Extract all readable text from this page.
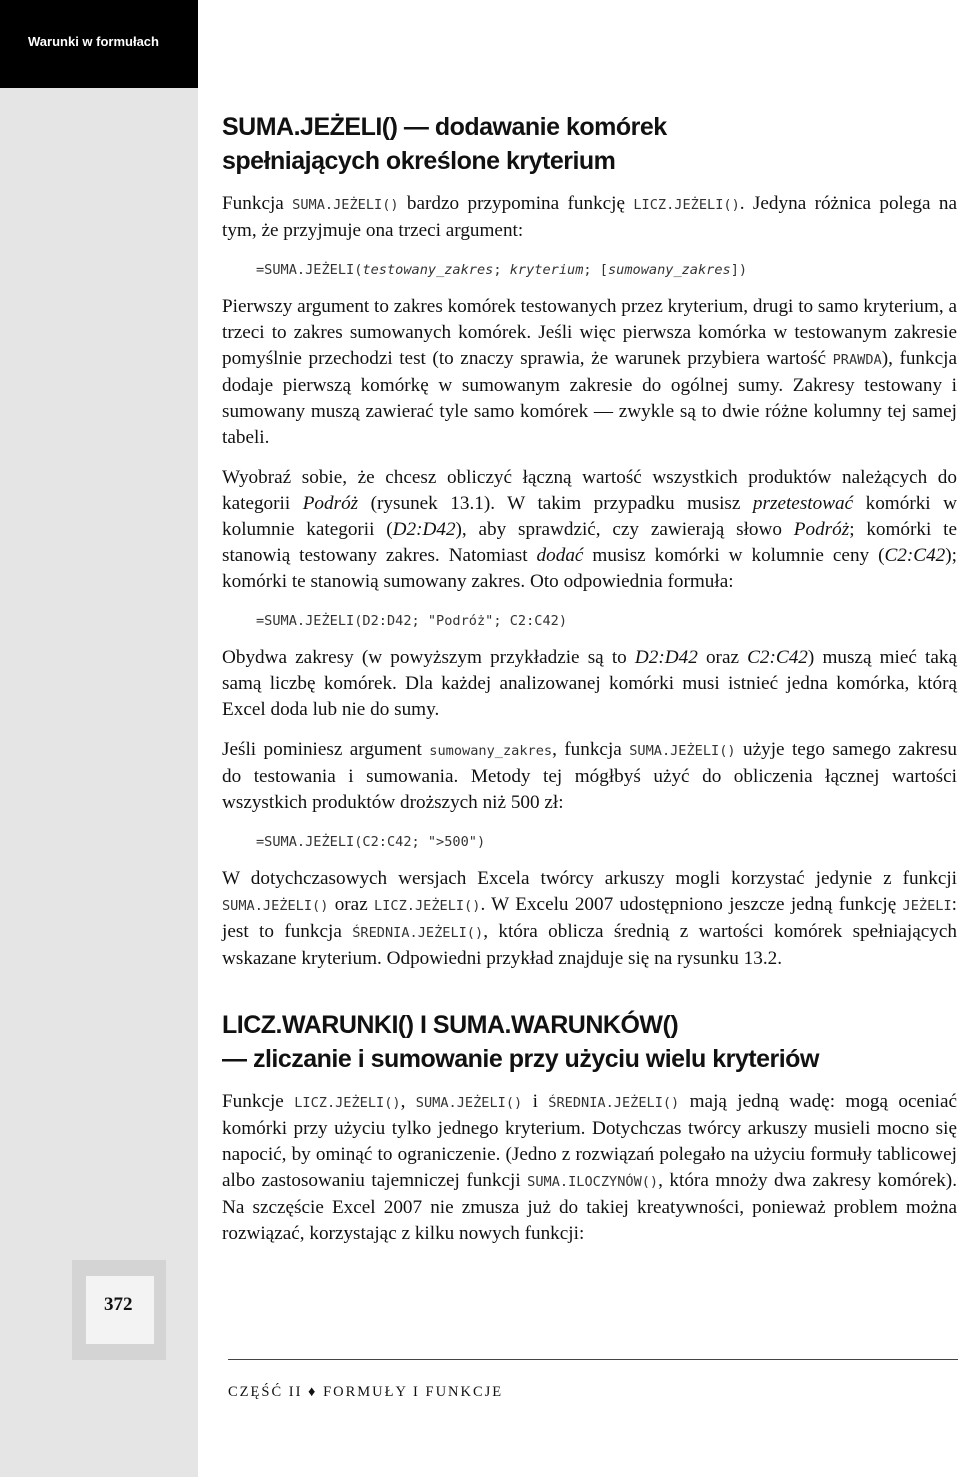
Warunki w formułach
372
SUMA.JEŻELI() — dodawanie komórek
spełniających określone kryterium
Funkcja SUMA.JEŻELI() bardzo przypomina funkcję LICZ.JEŻELI(). Jedyna różnica polega na tym, że przyjmuje ona trzeci argument:
=SUMA.JEŻELI(testowany_zakres; kryterium; [sumowany_zakres])
Pierwszy argument to zakres komórek testowanych przez kryterium, drugi to samo kryterium, a trzeci to zakres sumowanych komórek. Jeśli więc pierwsza komórka w testowanym zakresie pomyślnie przechodzi test (to znaczy sprawia, że warunek przybiera wartość PRAWDA), funkcja dodaje pierwszą komórkę w sumowanym zakresie do ogólnej sumy. Zakresy testowany i sumowany muszą zawierać tyle samo komórek — zwykle są to dwie różne kolumny tej samej tabeli.
Wyobraź sobie, że chcesz obliczyć łączną wartość wszystkich produktów należących do kategorii Podróż (rysunek 13.1). W takim przypadku musisz przetestować komórki w kolumnie kategorii (D2:D42), aby sprawdzić, czy zawierają słowo Podróż; komórki te stanowią testowany zakres. Natomiast dodać musisz komórki w kolumnie ceny (C2:C42); komórki te stanowią sumowany zakres. Oto odpowiednia formuła:
=SUMA.JEŻELI(D2:D42; "Podróż"; C2:C42)
Obydwa zakresy (w powyższym przykładzie są to D2:D42 oraz C2:C42) muszą mieć taką samą liczbę komórek. Dla każdej analizowanej komórki musi istnieć jedna komórka, którą Excel doda lub nie do sumy.
Jeśli pominiesz argument sumowany_zakres, funkcja SUMA.JEŻELI() użyje tego samego zakresu do testowania i sumowania. Metody tej mógłbyś użyć do obliczenia łącznej wartości wszystkich produktów droższych niż 500 zł:
=SUMA.JEŻELI(C2:C42; ">500")
W dotychczasowych wersjach Excela twórcy arkuszy mogli korzystać jedynie z funkcji SUMA.JEŻELI() oraz LICZ.JEŻELI(). W Excelu 2007 udostępniono jeszcze jedną funkcję JEŻELI: jest to funkcja ŚREDNIA.JEŻELI(), która oblicza średnią z wartości komórek spełniających wskazane kryterium. Odpowiedni przykład znajduje się na rysunku 13.2.
LICZ.WARUNKI() I SUMA.WARUNKÓW()
— zliczanie i sumowanie przy użyciu wielu kryteriów
Funkcje LICZ.JEŻELI(), SUMA.JEŻELI() i ŚREDNIA.JEŻELI() mają jedną wadę: mogą oceniać komórki przy użyciu tylko jednego kryterium. Dotychczas twórcy arkuszy musieli mocno się napocić, by ominąć to ograniczenie. (Jedno z rozwiązań polegało na użyciu formuły tablicowej albo zastosowaniu tajemniczej funkcji SUMA.ILOCZYNÓW(), która mnoży dwa zakresy komórek). Na szczęście Excel 2007 nie zmusza już do takiej kreatywności, ponieważ problem można rozwiązać, korzystając z kilku nowych funkcji:
CZĘŚĆ II ♦ FORMUŁY I FUNKCJE
